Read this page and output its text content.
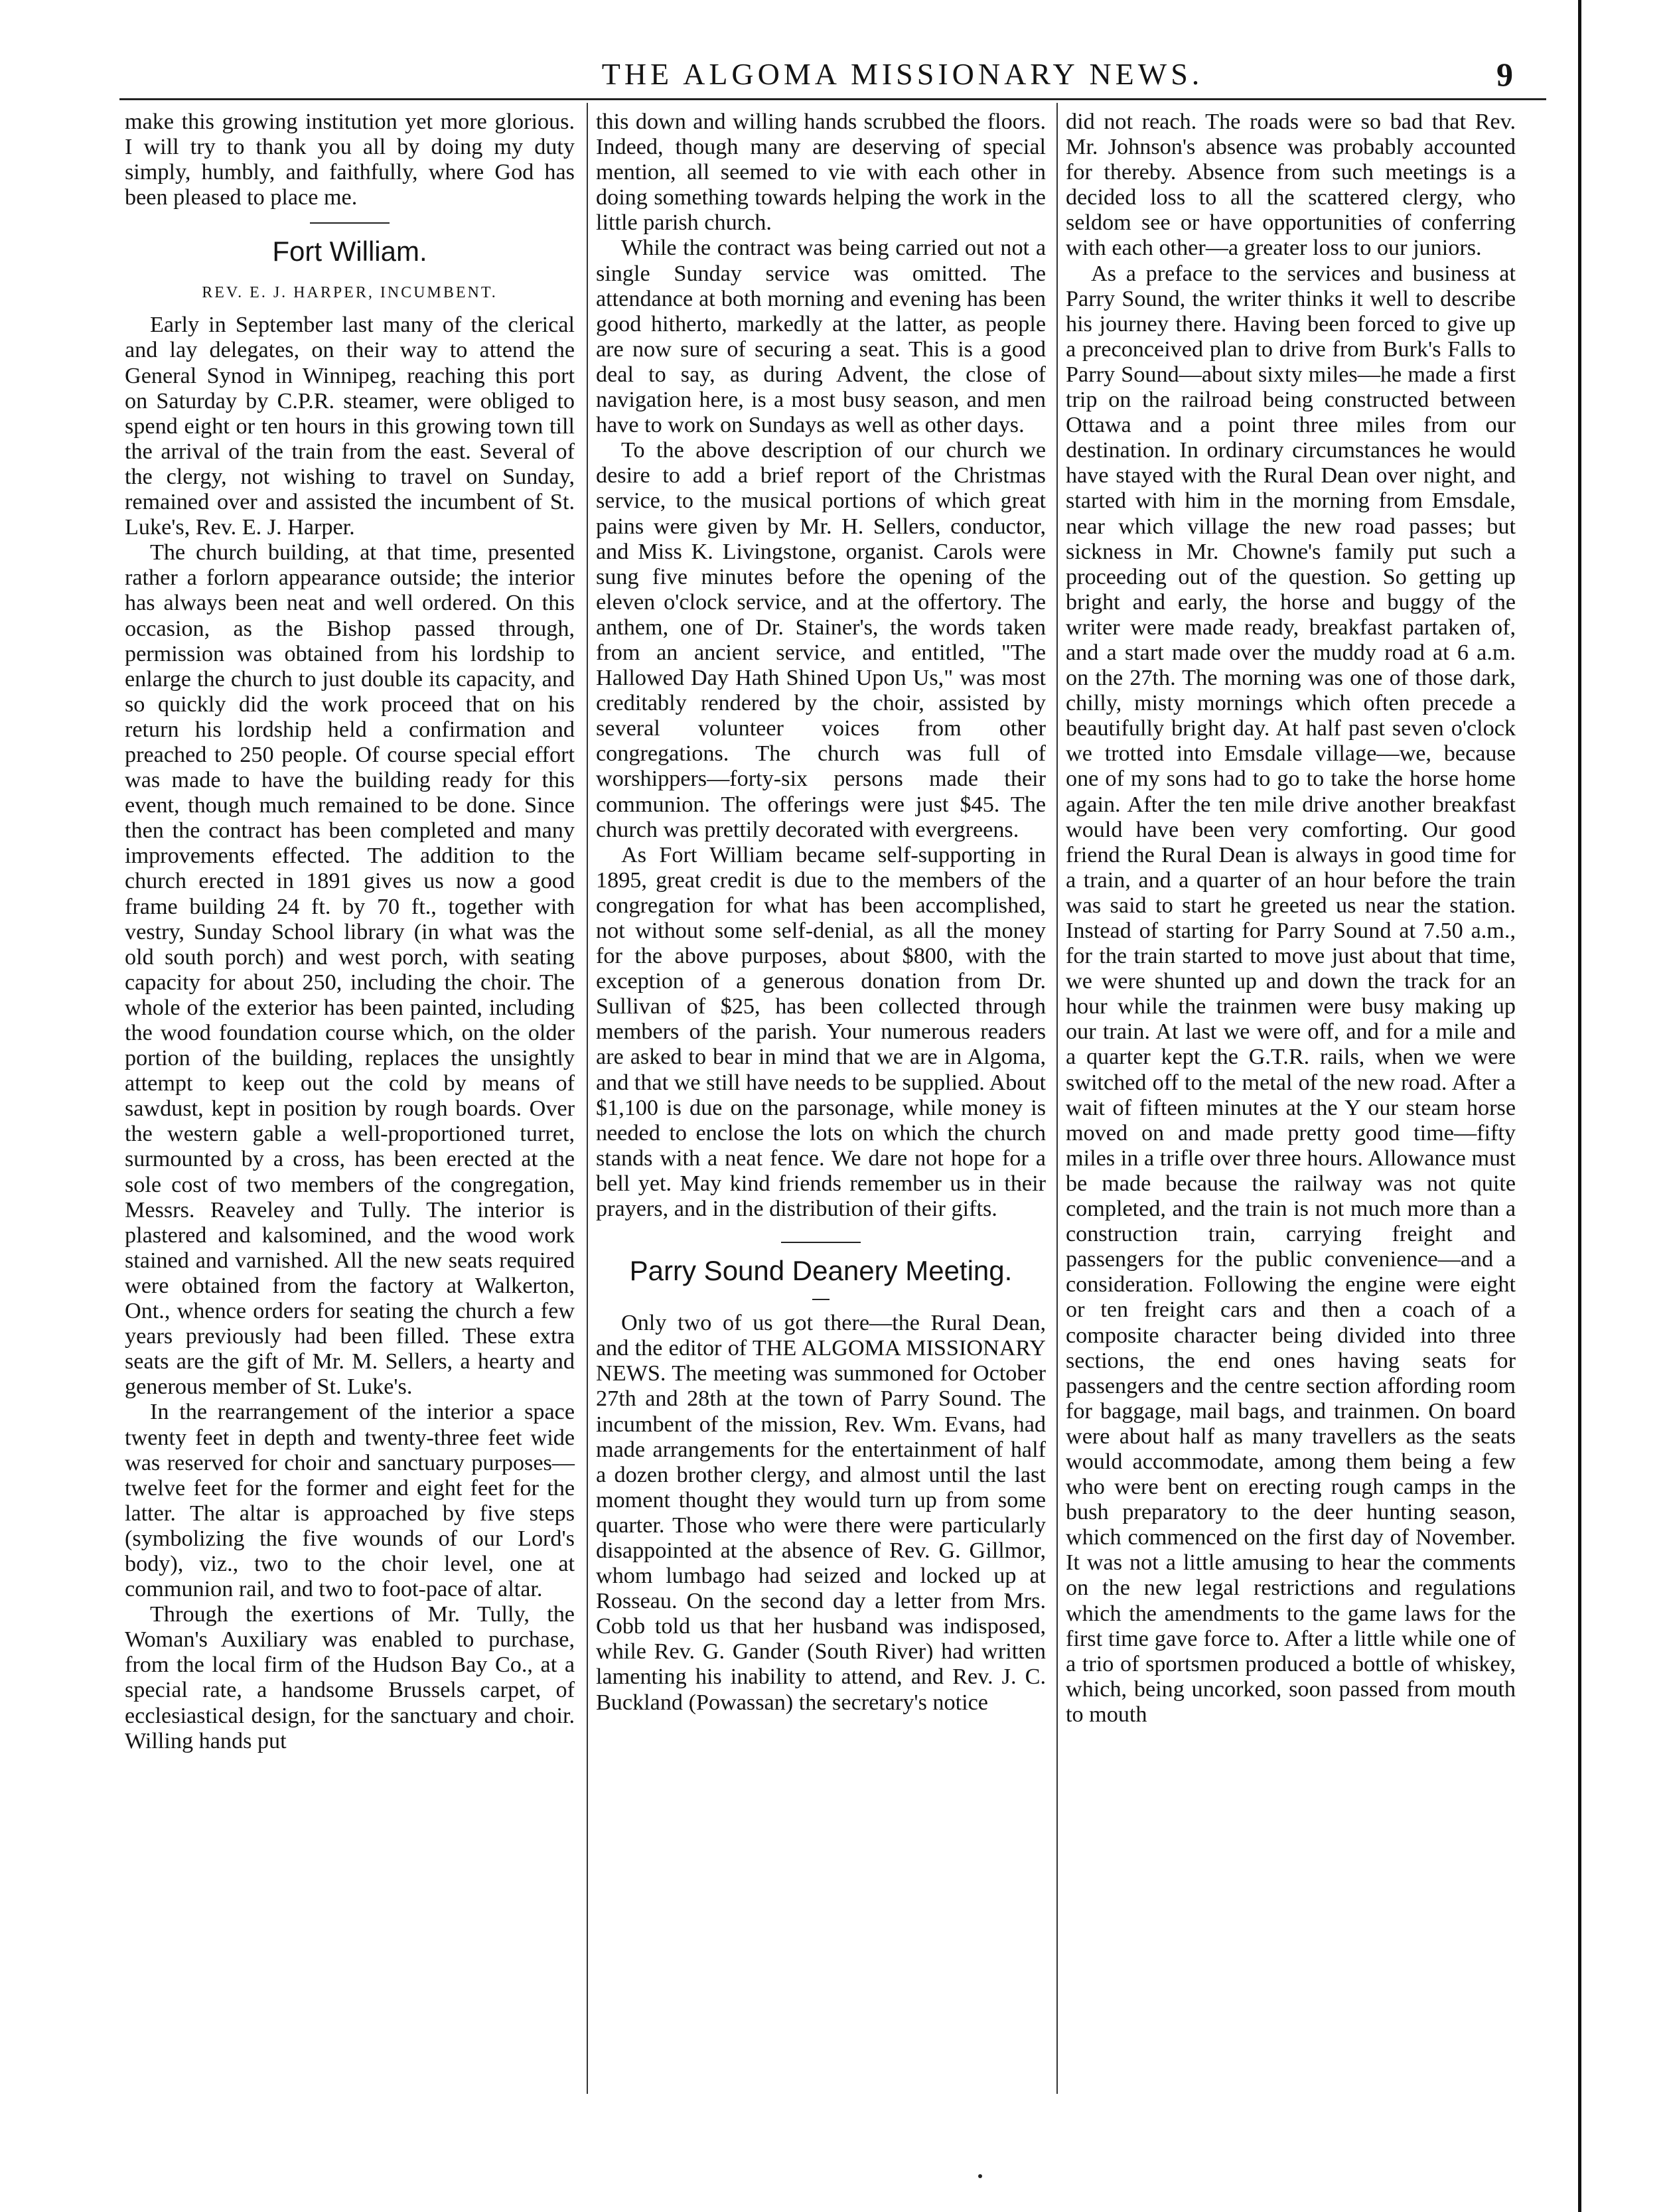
THE ALGOMA MISSIONARY NEWS.	9

make this growing institution yet more glorious. I will try to thank you all by doing my duty simply, humbly, and faithfully, where God has been pleased to place me.

Fort William.
REV. E. J. HARPER, INCUMBENT.

Early in September last many of the clerical and lay delegates, on their way to attend the General Synod in Winnipeg, reaching this port on Saturday by C.P.R. steamer, were obliged to spend eight or ten hours in this growing town till the arrival of the train from the east. Several of the clergy, not wishing to travel on Sunday, remained over and assisted the incumbent of St. Luke's, Rev. E. J. Harper.

The church building, at that time, presented rather a forlorn appearance outside; the interior has always been neat and well ordered. On this occasion, as the Bishop passed through, permission was obtained from his lordship to enlarge the church to just double its capacity, and so quickly did the work proceed that on his return his lordship held a confirmation and preached to 250 people. Of course special effort was made to have the building ready for this event, though much remained to be done. Since then the contract has been completed and many improvements effected. The addition to the church erected in 1891 gives us now a good frame building 24 ft. by 70 ft., together with vestry, Sunday School library (in what was the old south porch) and west porch, with seating capacity for about 250, including the choir. The whole of the exterior has been painted, including the wood foundation course which, on the older portion of the building, replaces the unsightly attempt to keep out the cold by means of sawdust, kept in position by rough boards. Over the western gable a well-proportioned turret, surmounted by a cross, has been erected at the sole cost of two members of the congregation, Messrs. Reaveley and Tully. The interior is plastered and kalsomined, and the wood work stained and varnished. All the new seats required were obtained from the factory at Walkerton, Ont., whence orders for seating the church a few years previously had been filled. These extra seats are the gift of Mr. M. Sellers, a hearty and generous member of St. Luke's.

In the rearrangement of the interior a space twenty feet in depth and twenty-three feet wide was reserved for choir and sanctuary purposes—twelve feet for the former and eight feet for the latter. The altar is approached by five steps (symbolizing the five wounds of our Lord's body), viz., two to the choir level, one at communion rail, and two to foot-pace of altar.

Through the exertions of Mr. Tully, the Woman's Auxiliary was enabled to purchase, from the local firm of the Hudson Bay Co., at a special rate, a handsome Brussels carpet, of ecclesiastical design, for the sanctuary and choir. Willing hands put

this down and willing hands scrubbed the floors. Indeed, though many are deserving of special mention, all seemed to vie with each other in doing something towards helping the work in the little parish church.

While the contract was being carried out not a single Sunday service was omitted. The attendance at both morning and evening has been good hitherto, markedly at the latter, as people are now sure of securing a seat. This is a good deal to say, as during Advent, the close of navigation here, is a most busy season, and men have to work on Sundays as well as other days.

To the above description of our church we desire to add a brief report of the Christmas service, to the musical portions of which great pains were given by Mr. H. Sellers, conductor, and Miss K. Livingstone, organist. Carols were sung five minutes before the opening of the eleven o'clock service, and at the offertory. The anthem, one of Dr. Stainer's, the words taken from an ancient service, and entitled, "The Hallowed Day Hath Shined Upon Us," was most creditably rendered by the choir, assisted by several volunteer voices from other congregations. The church was full of worshippers—forty-six persons made their communion. The offerings were just $45. The church was prettily decorated with evergreens.

As Fort William became self-supporting in 1895, great credit is due to the members of the congregation for what has been accomplished, not without some self-denial, as all the money for the above purposes, about $800, with the exception of a generous donation from Dr. Sullivan of $25, has been collected through members of the parish. Your numerous readers are asked to bear in mind that we are in Algoma, and that we still have needs to be supplied. About $1,100 is due on the parsonage, while money is needed to enclose the lots on which the church stands with a neat fence. We dare not hope for a bell yet. May kind friends remember us in their prayers, and in the distribution of their gifts.

Parry Sound Deanery Meeting.

Only two of us got there—the Rural Dean, and the editor of THE ALGOMA MISSIONARY NEWS. The meeting was summoned for October 27th and 28th at the town of Parry Sound. The incumbent of the mission, Rev. Wm. Evans, had made arrangements for the entertainment of half a dozen brother clergy, and almost until the last moment thought they would turn up from some quarter. Those who were there were particularly disappointed at the absence of Rev. G. Gillmor, whom lumbago had seized and locked up at Rosseau. On the second day a letter from Mrs. Cobb told us that her husband was indisposed, while Rev. G. Gander (South River) had written lamenting his inability to attend, and Rev. J. C. Buckland (Powassan) the secretary's notice

did not reach. The roads were so bad that Rev. Mr. Johnson's absence was probably accounted for thereby. Absence from such meetings is a decided loss to all the scattered clergy, who seldom see or have opportunities of conferring with each other—a greater loss to our juniors.

As a preface to the services and business at Parry Sound, the writer thinks it well to describe his journey there. Having been forced to give up a preconceived plan to drive from Burk's Falls to Parry Sound—about sixty miles—he made a first trip on the railroad being constructed between Ottawa and a point three miles from our destination. In ordinary circumstances he would have stayed with the Rural Dean over night, and started with him in the morning from Emsdale, near which village the new road passes; but sickness in Mr. Chowne's family put such a proceeding out of the question. So getting up bright and early, the horse and buggy of the writer were made ready, breakfast partaken of, and a start made over the muddy road at 6 a.m. on the 27th. The morning was one of those dark, chilly, misty mornings which often precede a beautifully bright day. At half past seven o'clock we trotted into Emsdale village—we, because one of my sons had to go to take the horse home again. After the ten mile drive another breakfast would have been very comforting. Our good friend the Rural Dean is always in good time for a train, and a quarter of an hour before the train was said to start he greeted us near the station. Instead of starting for Parry Sound at 7.50 a.m., for the train started to move just about that time, we were shunted up and down the track for an hour while the trainmen were busy making up our train. At last we were off, and for a mile and a quarter kept the G.T.R. rails, when we were switched off to the metal of the new road. After a wait of fifteen minutes at the Y our steam horse moved on and made pretty good time—fifty miles in a trifle over three hours. Allowance must be made because the railway was not quite completed, and the train is not much more than a construction train, carrying freight and passengers for the public convenience—and a consideration. Following the engine were eight or ten freight cars and then a coach of a composite character being divided into three sections, the end ones having seats for passengers and the centre section affording room for baggage, mail bags, and trainmen. On board were about half as many travellers as the seats would accommodate, among them being a few who were bent on erecting rough camps in the bush preparatory to the deer hunting season, which commenced on the first day of November. It was not a little amusing to hear the comments on the new legal restrictions and regulations which the amendments to the game laws for the first time gave force to. After a little while one of a trio of sportsmen produced a bottle of whiskey, which, being uncorked, soon passed from mouth to mouth
